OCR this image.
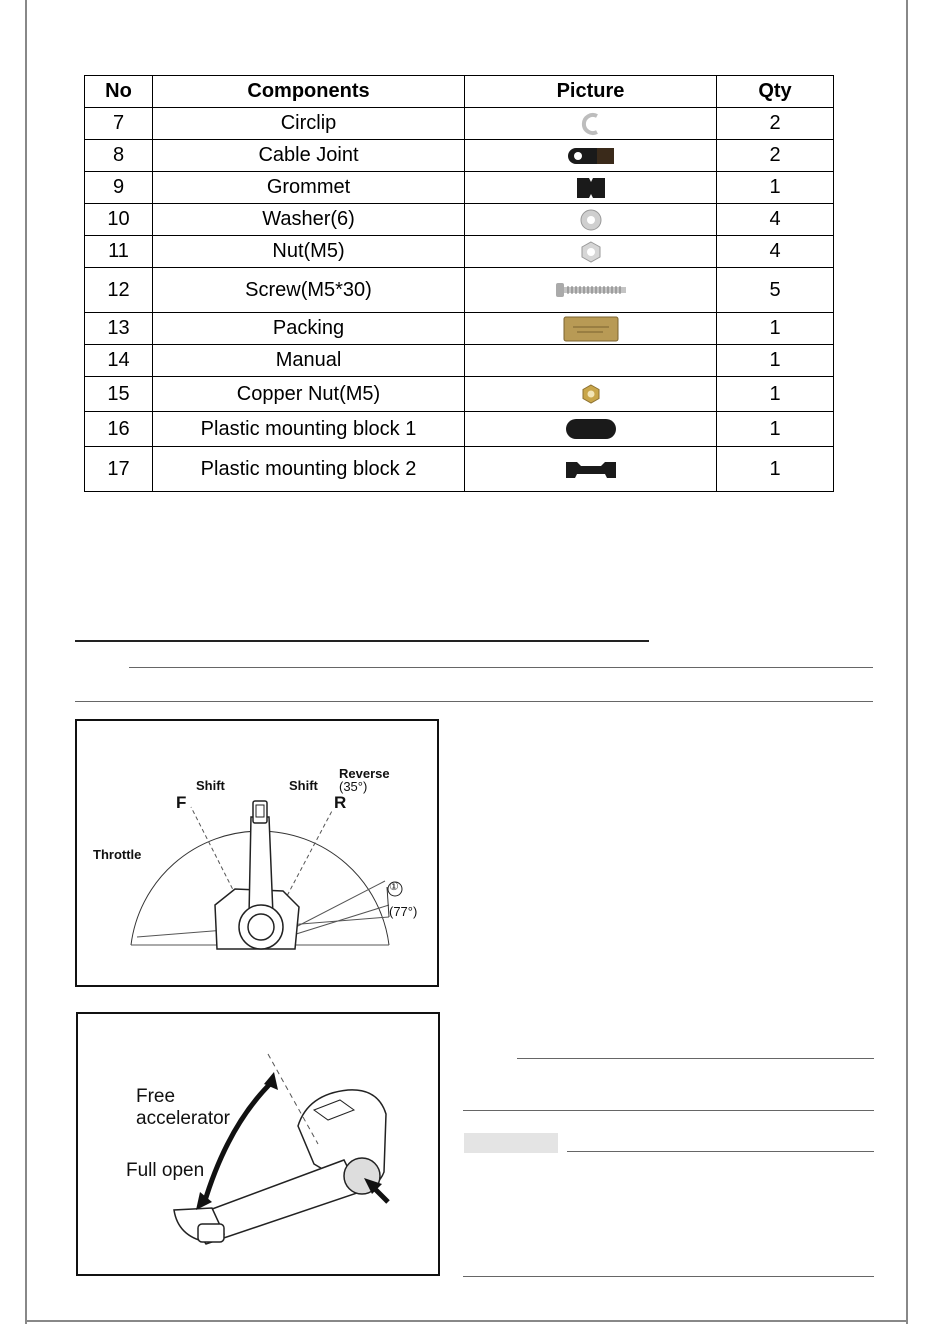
No	Components	Picture	Qty
7	Circlip		2
8	Cable Joint		2
9	Grommet		1
10	Washer(6)		4
11	Nut(M5)		4
12	Screw(M5*30)		5
13	Packing		1
14	Manual		1
15	Copper Nut(M5)		1
16	Plastic mounting block 1		1
17	Plastic mounting block 2		1
Shift	Shift
Reverse
(35°)
F	R
Throttle
①
(77°)
Free
accelerator
Full open
